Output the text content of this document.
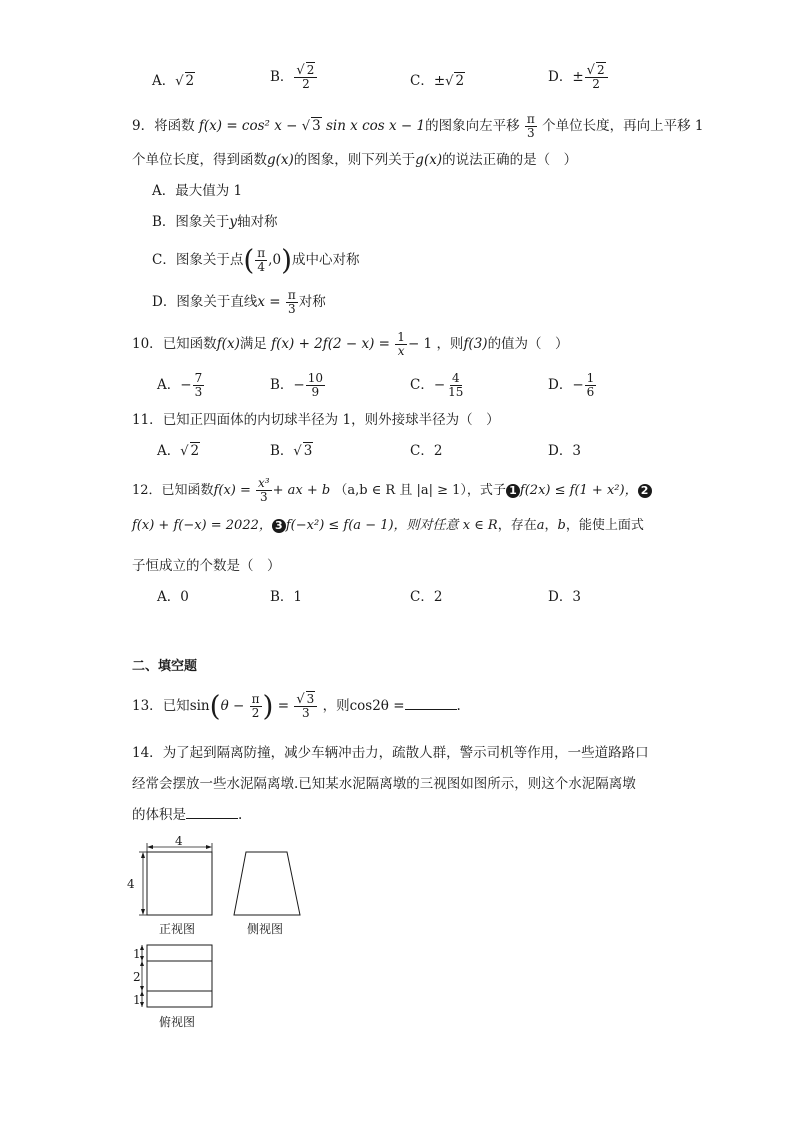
A．√ 2	B． $\frac{√ 2}{2}$	C．±√ 2	D．± $\frac{√ 2}{2}$
9．将函数 f(x) = cos² x − √ 3 sin x cos x − 1的图象向左平移 $\frac{\pi}{3}$ 个单位长度，再向上平移 1
个单位长度，得到函数g(x)的图象，则下列关于g(x)的说法正确的是（　）
A．最大值为 1
B．图象关于y轴对称
C．图象关于点( $\frac{\pi}{4} ,0$)成中心对称
D．图象关于直线$x = \frac{\pi}{3}$ 对称
10．已知函数f(x)满足 $f(x) + 2f(2 - x) = \frac{1}{x} - 1$ ，则f(3)的值为（　）
A．− $\frac{7}{3}$	B．− $\frac{10}{9}$	C．− $\frac{4}{15}$	D．− $\frac{1}{6}$
11．已知正四面体的内切球半径为 1，则外接球半径为（　）
A．√ 2	B．√ 3	C．2	D．3
12．已知函数$f(x) = \frac{\text{x³}}{3}$ + ax + b （a,b ∈ R 且 |a| ≥ 1），式子 1 f(2x) ≤ f(1 + x²)， 2
f(x) + f(−x) = 2022， 3 f(−x²) ≤ f(a − 1)，则对任意 x ∈ R，存在a，b，能使上面式
子恒成立的个数是（　）
A．0	B．1	C．2	D．3
二、填空题
13．已知$\sin(\theta - \frac{\pi}{2}$ ) = $\frac{√ 3}{3}$ ，则cos2θ =	.
14．为了起到隔离防撞，减少车辆冲击力，疏散人群，警示司机等作用，一些道路路口
经常会摆放一些水泥隔离墩.已知某水泥隔离墩的三视图如图所示，则这个水泥隔离墩
的体积是	.
4
4
1
2
1
正视图	侧视图
俯视图
